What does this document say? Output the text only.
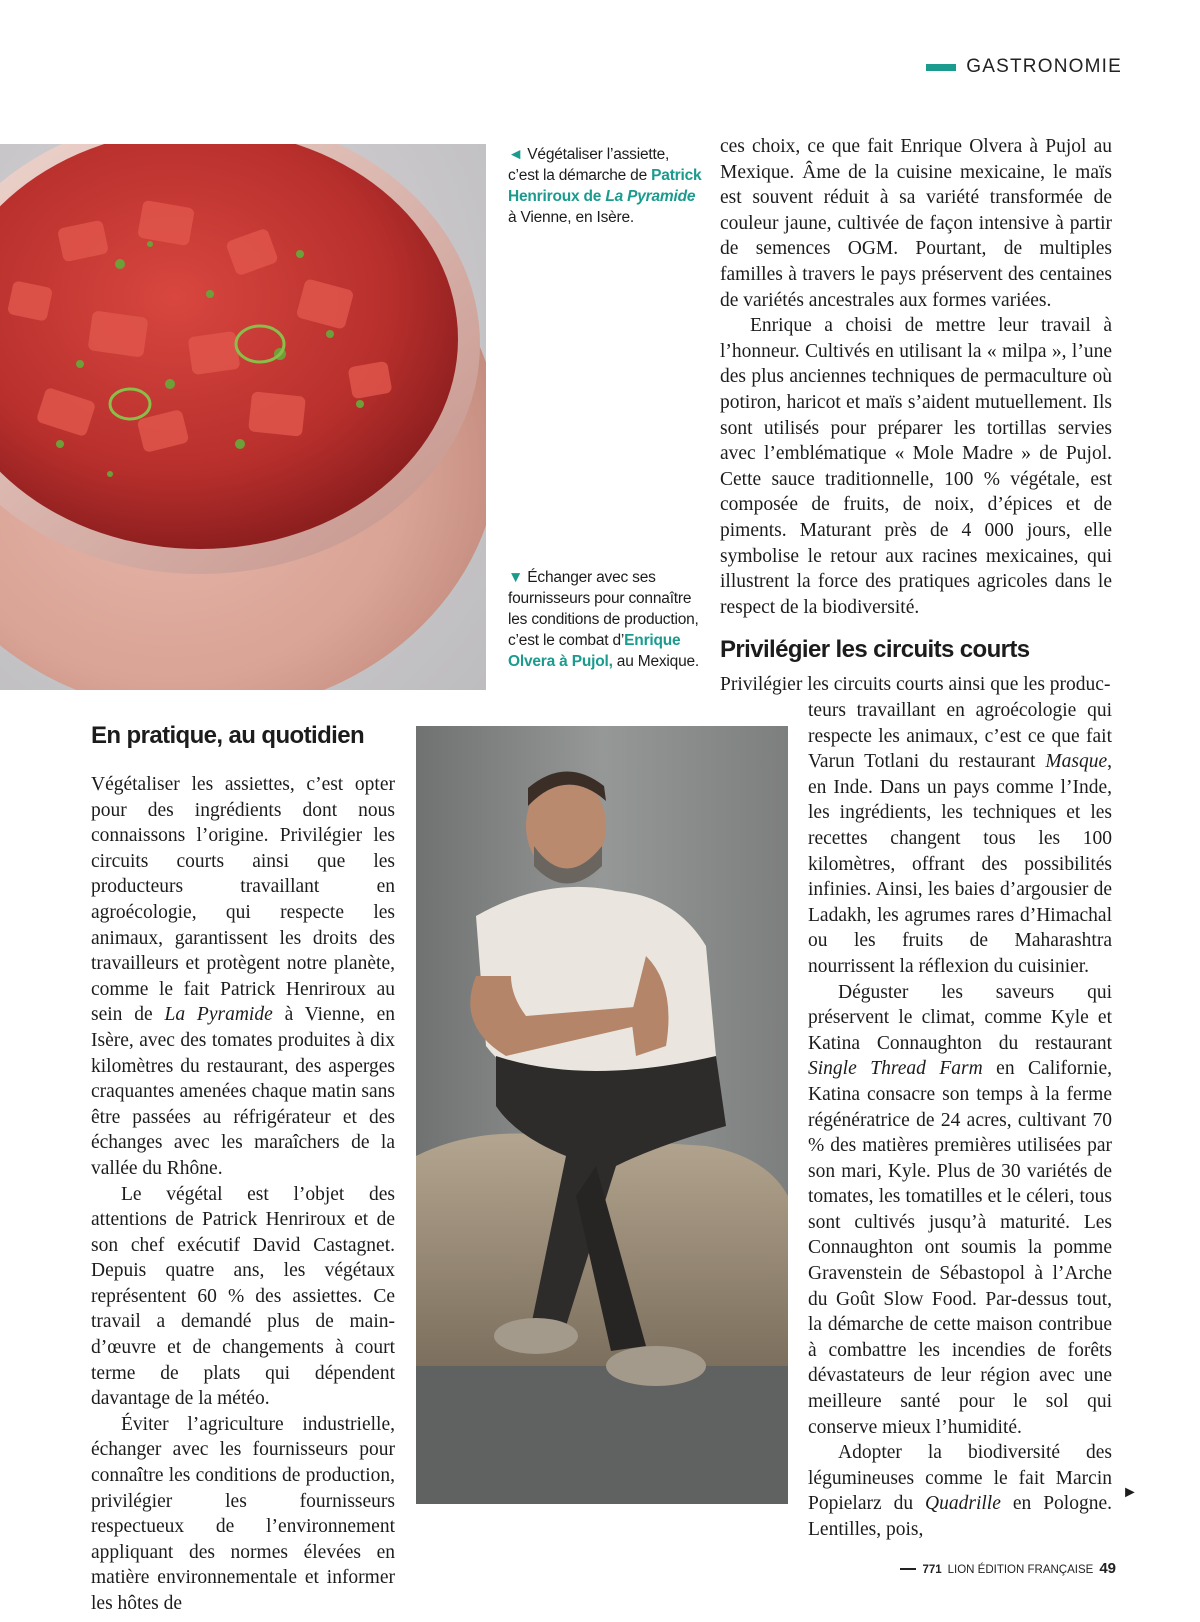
GASTRONOMIE
◄ Végétaliser l’assiette, c’est la démarche de Patrick Henriroux de La Pyramide à Vienne, en Isère.
▼ Échanger avec ses fournisseurs pour connaître les conditions de production, c’est le combat d’Enrique Olvera à Pujol, au Mexique.

ces choix, ce que fait Enrique Olvera à Pujol au Mexique. Âme de la cuisine mexicaine, le maïs est souvent réduit à sa variété transformée de couleur jaune, cultivée de façon intensive à partir de semences OGM. Pourtant, de multiples familles à travers le pays préservent des centaines de variétés ancestrales aux formes variées.

Enrique a choisi de mettre leur travail à l’honneur. Cultivés en utilisant la « milpa », l’une des plus anciennes techniques de permaculture où potiron, haricot et maïs s’aident mutuellement. Ils sont utilisés pour préparer les tortillas servies avec l’emblématique « Mole Madre » de Pujol. Cette sauce traditionnelle, 100 % végétale, est composée de fruits, de noix, d’épices et de piments. Maturant près de 4 000 jours, elle symbolise le retour aux racines mexicaines, qui illustrent la force des pratiques agricoles dans le respect de la biodiversité.

Privilégier les circuits courts

Privilégier les circuits courts ainsi que les produc-

teurs travaillant en agroécologie qui respecte les animaux, c’est ce que fait Varun Totlani du restaurant Masque, en Inde. Dans un pays comme l’Inde, les ingrédients, les techniques et les recettes changent tous les 100 kilomètres, offrant des possibilités infinies. Ainsi, les baies d’argousier de Ladakh, les agrumes rares d’Himachal ou les fruits de Maharashtra nourrissent la réflexion du cuisinier.

Déguster les saveurs qui préservent le climat, comme Kyle et Katina Connaughton du restaurant Single Thread Farm en Californie, Katina consacre son temps à la ferme régénératrice de 24 acres, cultivant 70 % des matières premières utilisées par son mari, Kyle. Plus de 30 variétés de tomates, les tomatilles et le céleri, tous sont cultivés jusqu’à maturité. Les Connaughton ont soumis la pomme Gravenstein de Sébastopol à l’Arche du Goût Slow Food. Par-dessus tout, la démarche de cette maison contribue à combattre les incendies de forêts dévastateurs de leur région avec une meilleure santé pour le sol qui conserve mieux l’humidité.

Adopter la biodiversité des légumineuses comme le fait Marcin Popielarz du Quadrille en Pologne. Lentilles, pois,

En pratique, au quotidien

Végétaliser les assiettes, c’est opter pour des ingrédients dont nous connaissons l’origine. Privilégier les circuits courts ainsi que les producteurs travaillant en agroécologie, qui respecte les animaux, garantissent les droits des travailleurs et protègent notre planète, comme le fait Patrick Henriroux au sein de La Pyramide à Vienne, en Isère, avec des tomates produites à dix kilomètres du restaurant, des asperges craquantes amenées chaque matin sans être passées au réfrigérateur et des échanges avec les maraîchers de la vallée du Rhône.

Le végétal est l’objet des attentions de Patrick Henriroux et de son chef exécutif David Castagnet. Depuis quatre ans, les végétaux représentent 60 % des assiettes. Ce travail a demandé plus de main-d’œuvre et de changements à court terme de plats qui dépendent davantage de la météo.

Éviter l’agriculture industrielle, échanger avec les fournisseurs pour connaître les conditions de production, privilégier les fournisseurs respectueux de l’environnement appliquant des normes élevées en matière environnementale et informer les hôtes de

►
771 LION ÉDITION FRANÇAISE 49
